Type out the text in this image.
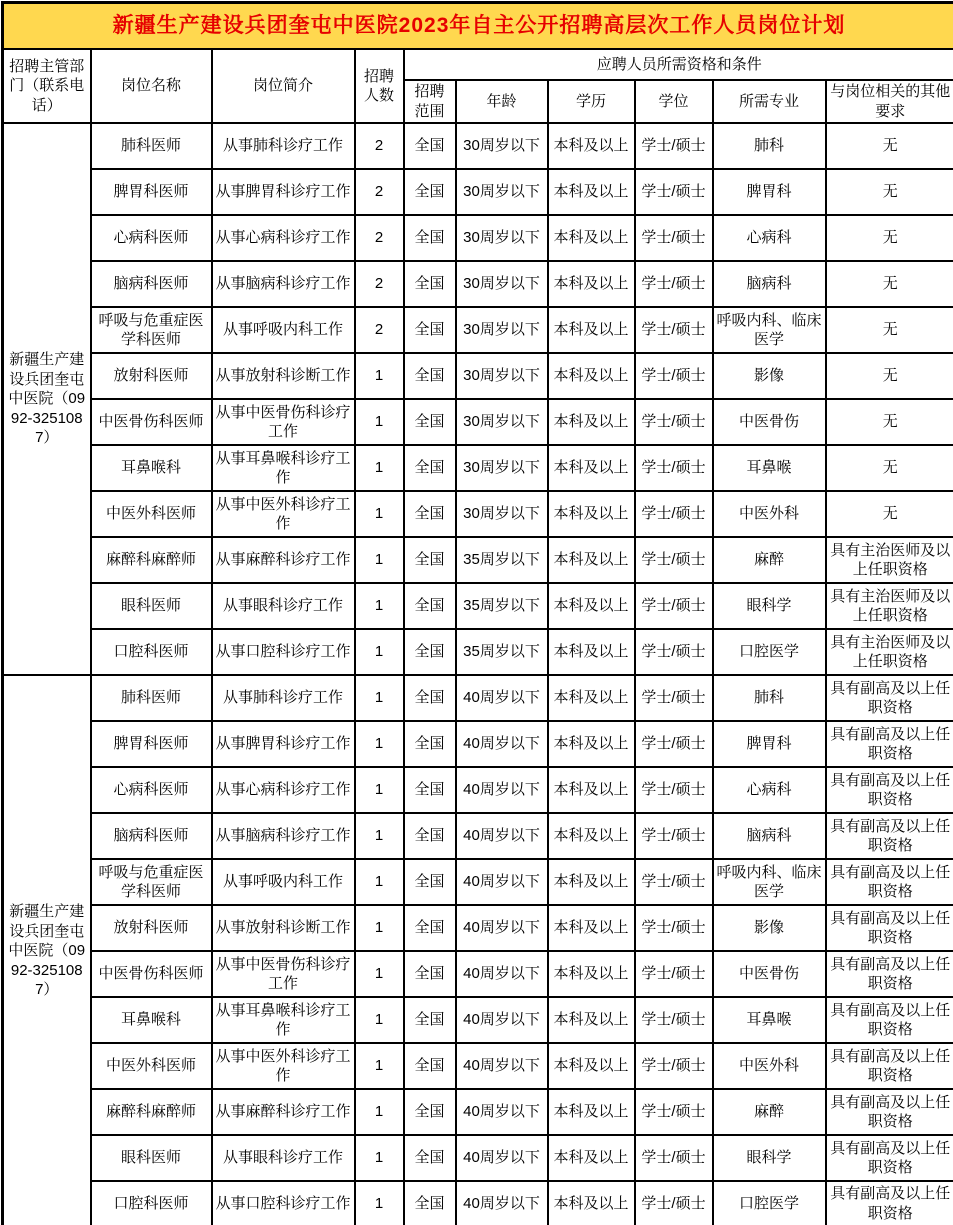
新疆生产建设兵团奎屯中医院2023年自主公开招聘高层次工作人员岗位计划									
招聘主管部门（联系电话）	岗位名称	岗位简介	招聘人数	应聘人员所需资格和条件					
				招聘范围	年龄	学历	学位	所需专业	与岗位相关的其他要求
新疆生产建设兵团奎屯中医院（0992-3251087）	肺科医师	从事肺科诊疗工作	2	全国	30周岁以下	本科及以上	学士/硕士	肺科	无
	脾胃科医师	从事脾胃科诊疗工作	2	全国	30周岁以下	本科及以上	学士/硕士	脾胃科	无
	心病科医师	从事心病科诊疗工作	2	全国	30周岁以下	本科及以上	学士/硕士	心病科	无
	脑病科医师	从事脑病科诊疗工作	2	全国	30周岁以下	本科及以上	学士/硕士	脑病科	无
	呼吸与危重症医学科医师	从事呼吸内科工作	2	全国	30周岁以下	本科及以上	学士/硕士	呼吸内科、临床医学	无
	放射科医师	从事放射科诊断工作	1	全国	30周岁以下	本科及以上	学士/硕士	影像	无
	中医骨伤科医师	从事中医骨伤科诊疗工作	1	全国	30周岁以下	本科及以上	学士/硕士	中医骨伤	无
	耳鼻喉科	从事耳鼻喉科诊疗工作	1	全国	30周岁以下	本科及以上	学士/硕士	耳鼻喉	无
	中医外科医师	从事中医外科诊疗工作	1	全国	30周岁以下	本科及以上	学士/硕士	中医外科	无
	麻醉科麻醉师	从事麻醉科诊疗工作	1	全国	35周岁以下	本科及以上	学士/硕士	麻醉	具有主治医师及以上任职资格
	眼科医师	从事眼科诊疗工作	1	全国	35周岁以下	本科及以上	学士/硕士	眼科学	具有主治医师及以上任职资格
	口腔科医师	从事口腔科诊疗工作	1	全国	35周岁以下	本科及以上	学士/硕士	口腔医学	具有主治医师及以上任职资格
新疆生产建设兵团奎屯中医院（0992-3251087）	肺科医师	从事肺科诊疗工作	1	全国	40周岁以下	本科及以上	学士/硕士	肺科	具有副高及以上任职资格
	脾胃科医师	从事脾胃科诊疗工作	1	全国	40周岁以下	本科及以上	学士/硕士	脾胃科	具有副高及以上任职资格
	心病科医师	从事心病科诊疗工作	1	全国	40周岁以下	本科及以上	学士/硕士	心病科	具有副高及以上任职资格
	脑病科医师	从事脑病科诊疗工作	1	全国	40周岁以下	本科及以上	学士/硕士	脑病科	具有副高及以上任职资格
	呼吸与危重症医学科医师	从事呼吸内科工作	1	全国	40周岁以下	本科及以上	学士/硕士	呼吸内科、临床医学	具有副高及以上任职资格
	放射科医师	从事放射科诊断工作	1	全国	40周岁以下	本科及以上	学士/硕士	影像	具有副高及以上任职资格
	中医骨伤科医师	从事中医骨伤科诊疗工作	1	全国	40周岁以下	本科及以上	学士/硕士	中医骨伤	具有副高及以上任职资格
	耳鼻喉科	从事耳鼻喉科诊疗工作	1	全国	40周岁以下	本科及以上	学士/硕士	耳鼻喉	具有副高及以上任职资格
	中医外科医师	从事中医外科诊疗工作	1	全国	40周岁以下	本科及以上	学士/硕士	中医外科	具有副高及以上任职资格
	麻醉科麻醉师	从事麻醉科诊疗工作	1	全国	40周岁以下	本科及以上	学士/硕士	麻醉	具有副高及以上任职资格
	眼科医师	从事眼科诊疗工作	1	全国	40周岁以下	本科及以上	学士/硕士	眼科学	具有副高及以上任职资格
	口腔科医师	从事口腔科诊疗工作	1	全国	40周岁以下	本科及以上	学士/硕士	口腔医学	具有副高及以上任职资格
